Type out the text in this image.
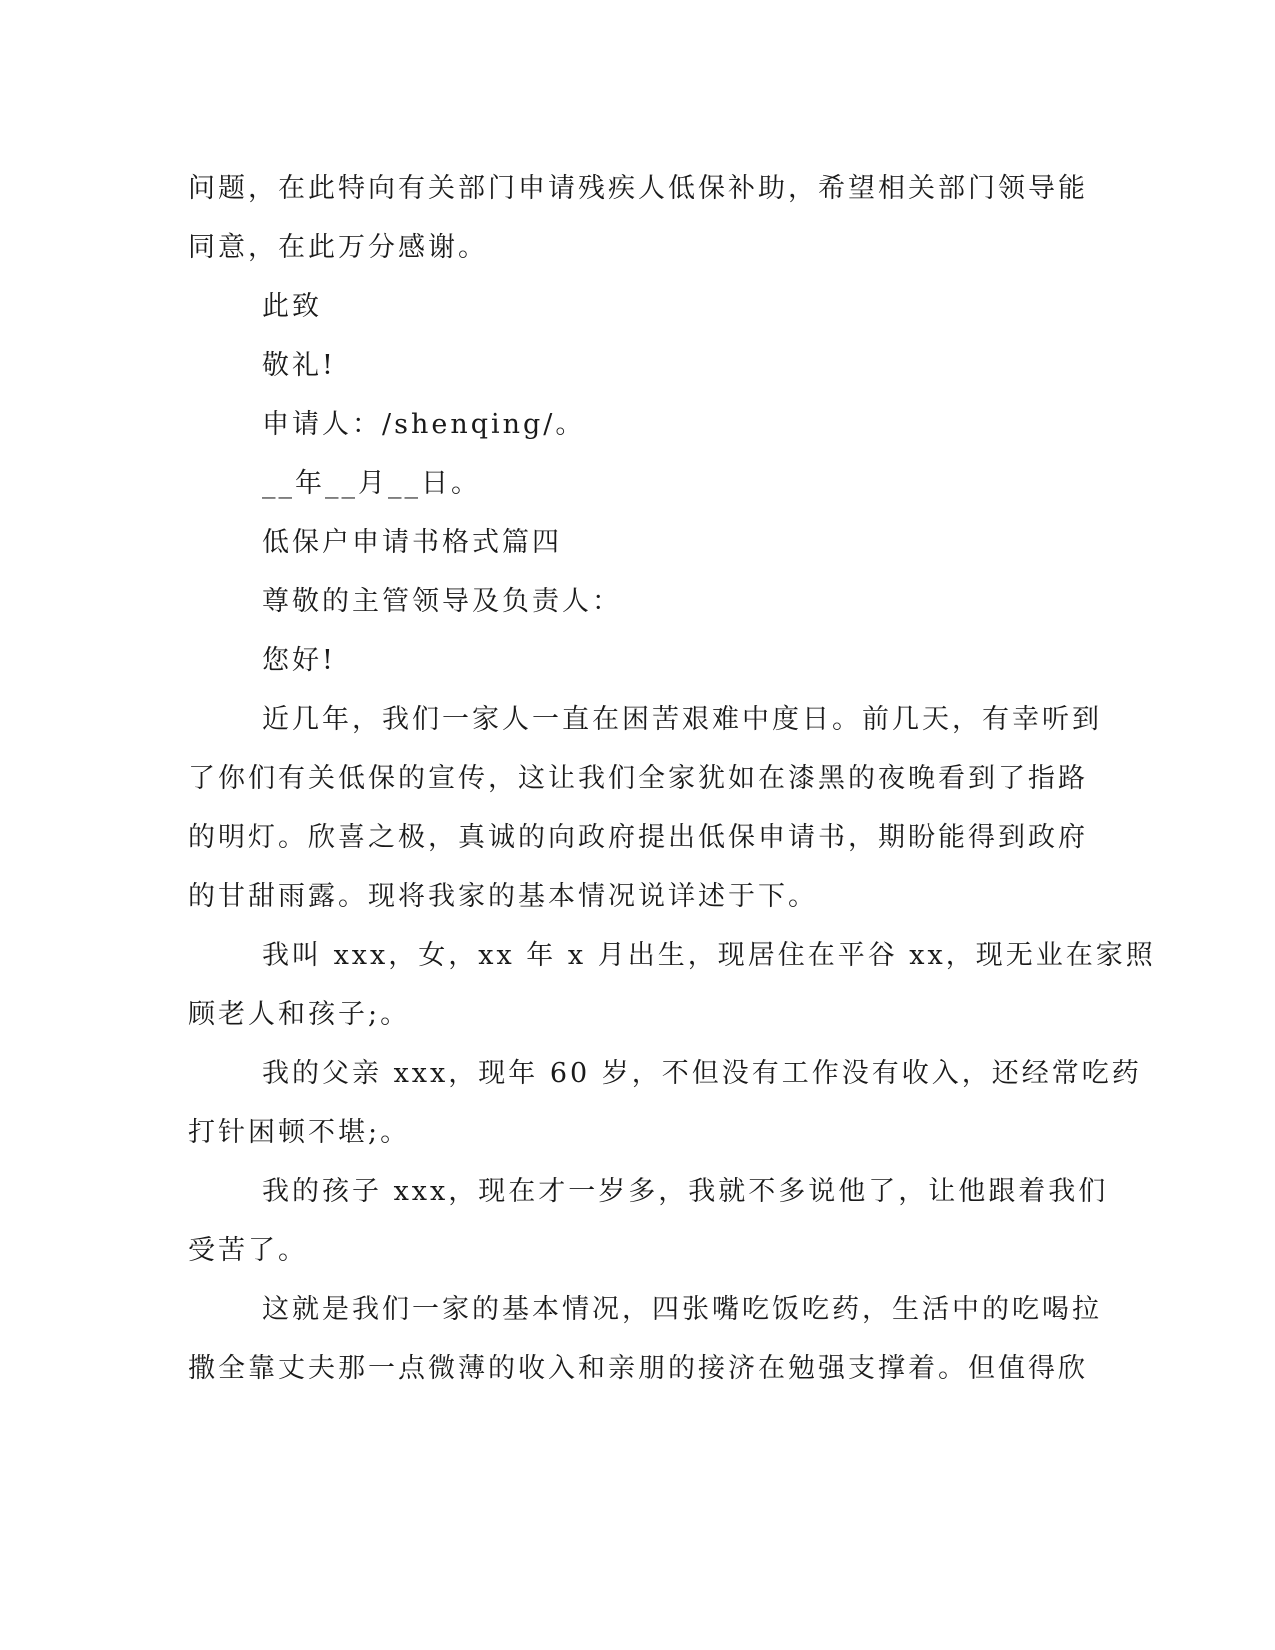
问题，在此特向有关部门申请残疾人低保补助，希望相关部门领导能
同意，在此万分感谢。
此致
敬礼!
申请人：/shenqing/。
__年__月__日。
低保户申请书格式篇四
尊敬的主管领导及负责人：
您好!
近几年，我们一家人一直在困苦艰难中度日。前几天，有幸听到
了你们有关低保的宣传，这让我们全家犹如在漆黑的夜晚看到了指路
的明灯。欣喜之极，真诚的向政府提出低保申请书，期盼能得到政府
的甘甜雨露。现将我家的基本情况说详述于下。
我叫 xxx，女，xx 年 x 月出生，现居住在平谷 xx，现无业在家照
顾老人和孩子;。
我的父亲 xxx，现年 60 岁，不但没有工作没有收入，还经常吃药
打针困顿不堪;。
我的孩子 xxx，现在才一岁多，我就不多说他了，让他跟着我们
受苦了。
这就是我们一家的基本情况，四张嘴吃饭吃药，生活中的吃喝拉
撒全靠丈夫那一点微薄的收入和亲朋的接济在勉强支撑着。但值得欣
